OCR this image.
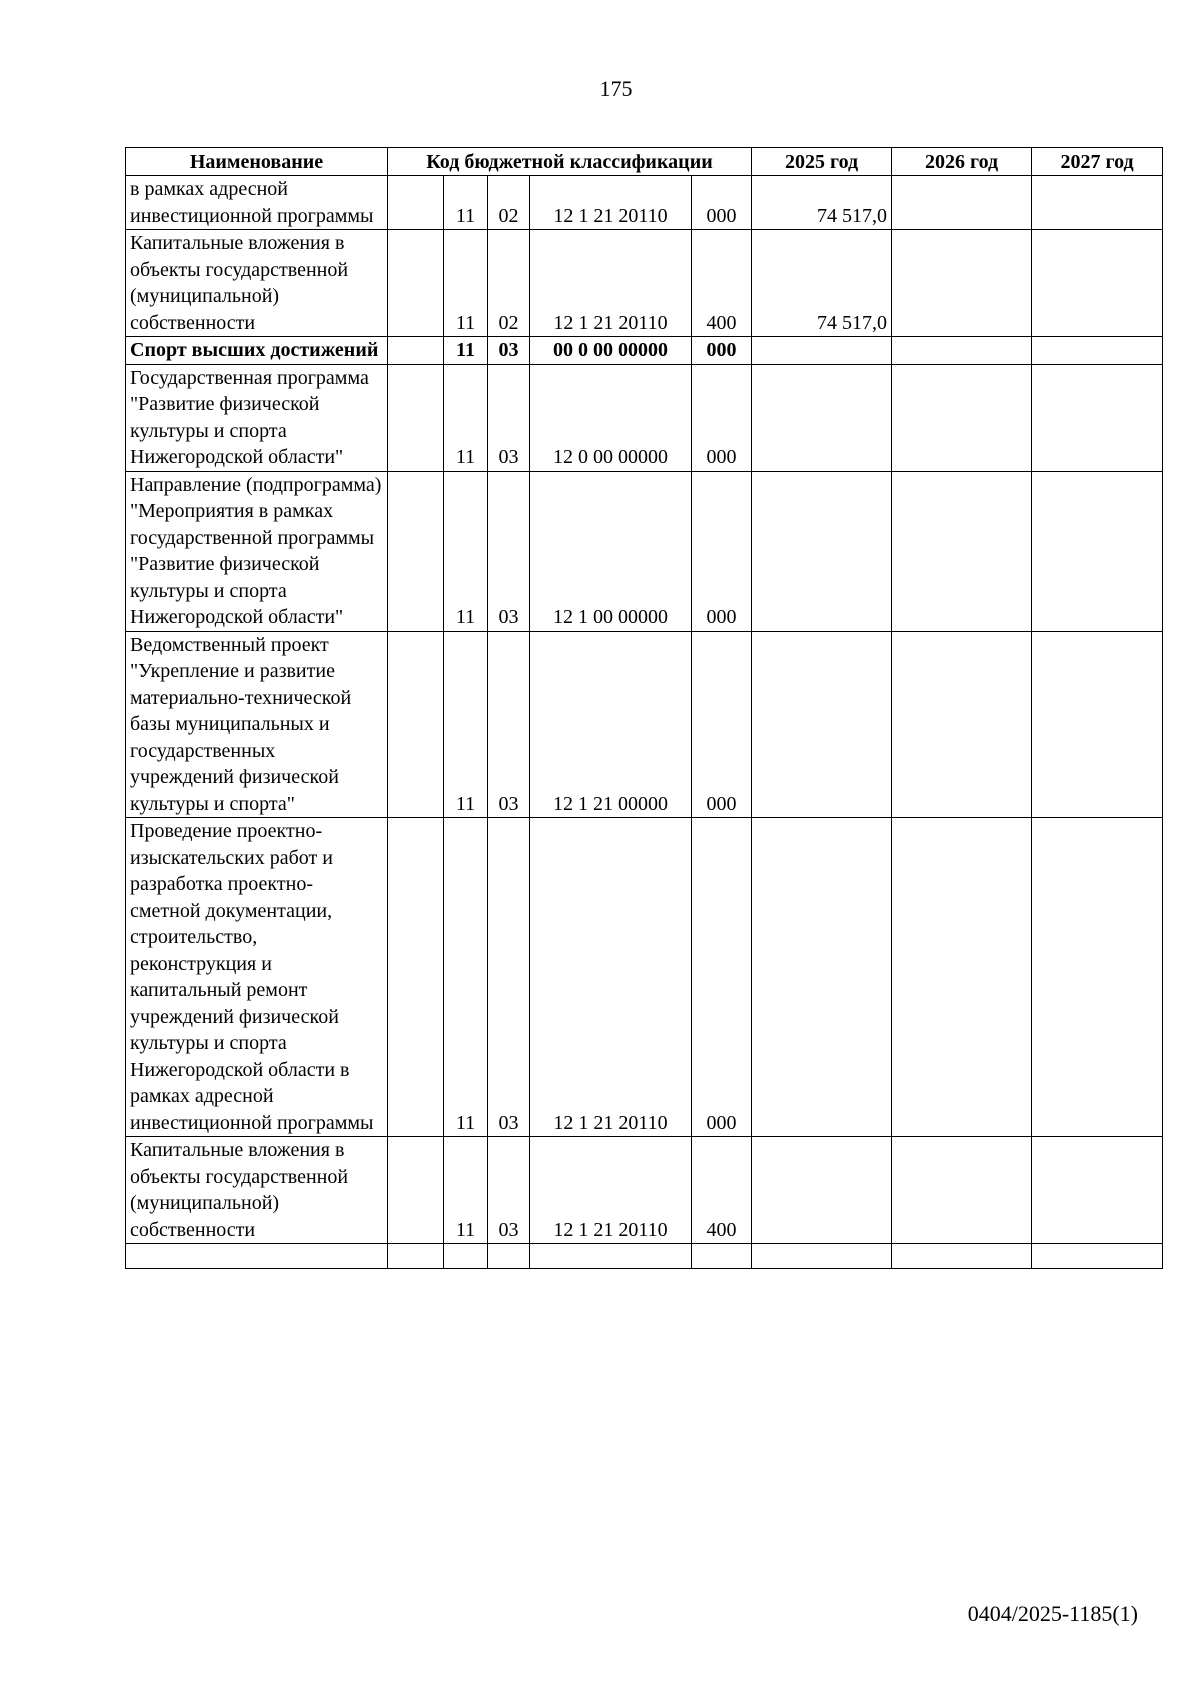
175
Наименование	Код бюджетной классификации					2025 год	2026 год	2027 год
в рамках адресной инвестиционной программы		11	02	12 1 21 20110	000	74 517,0		
Капитальные вложения в объекты государственной (муниципальной) собственности		11	02	12 1 21 20110	400	74 517,0		
Спорт высших достижений		11	03	00 0 00 00000	000			
Государственная программа "Развитие физической культуры и спорта Нижегородской области"		11	03	12 0 00 00000	000			
Направление (подпрограмма) "Мероприятия в рамках государственной программы "Развитие физической культуры и спорта Нижегородской области"		11	03	12 1 00 00000	000			
Ведомственный проект "Укрепление и развитие материально-технической базы муниципальных и государственных учреждений физической культуры и спорта"		11	03	12 1 21 00000	000			
Проведение проектно-изыскательских работ и разработка проектно-сметной документации, строительство, реконструкция и капитальный ремонт учреждений физической культуры и спорта Нижегородской области в рамках адресной инвестиционной программы		11	03	12 1 21 20110	000			
Капитальные вложения в объекты государственной (муниципальной) собственности		11	03	12 1 21 20110	400			

0404/2025-1185(1)
